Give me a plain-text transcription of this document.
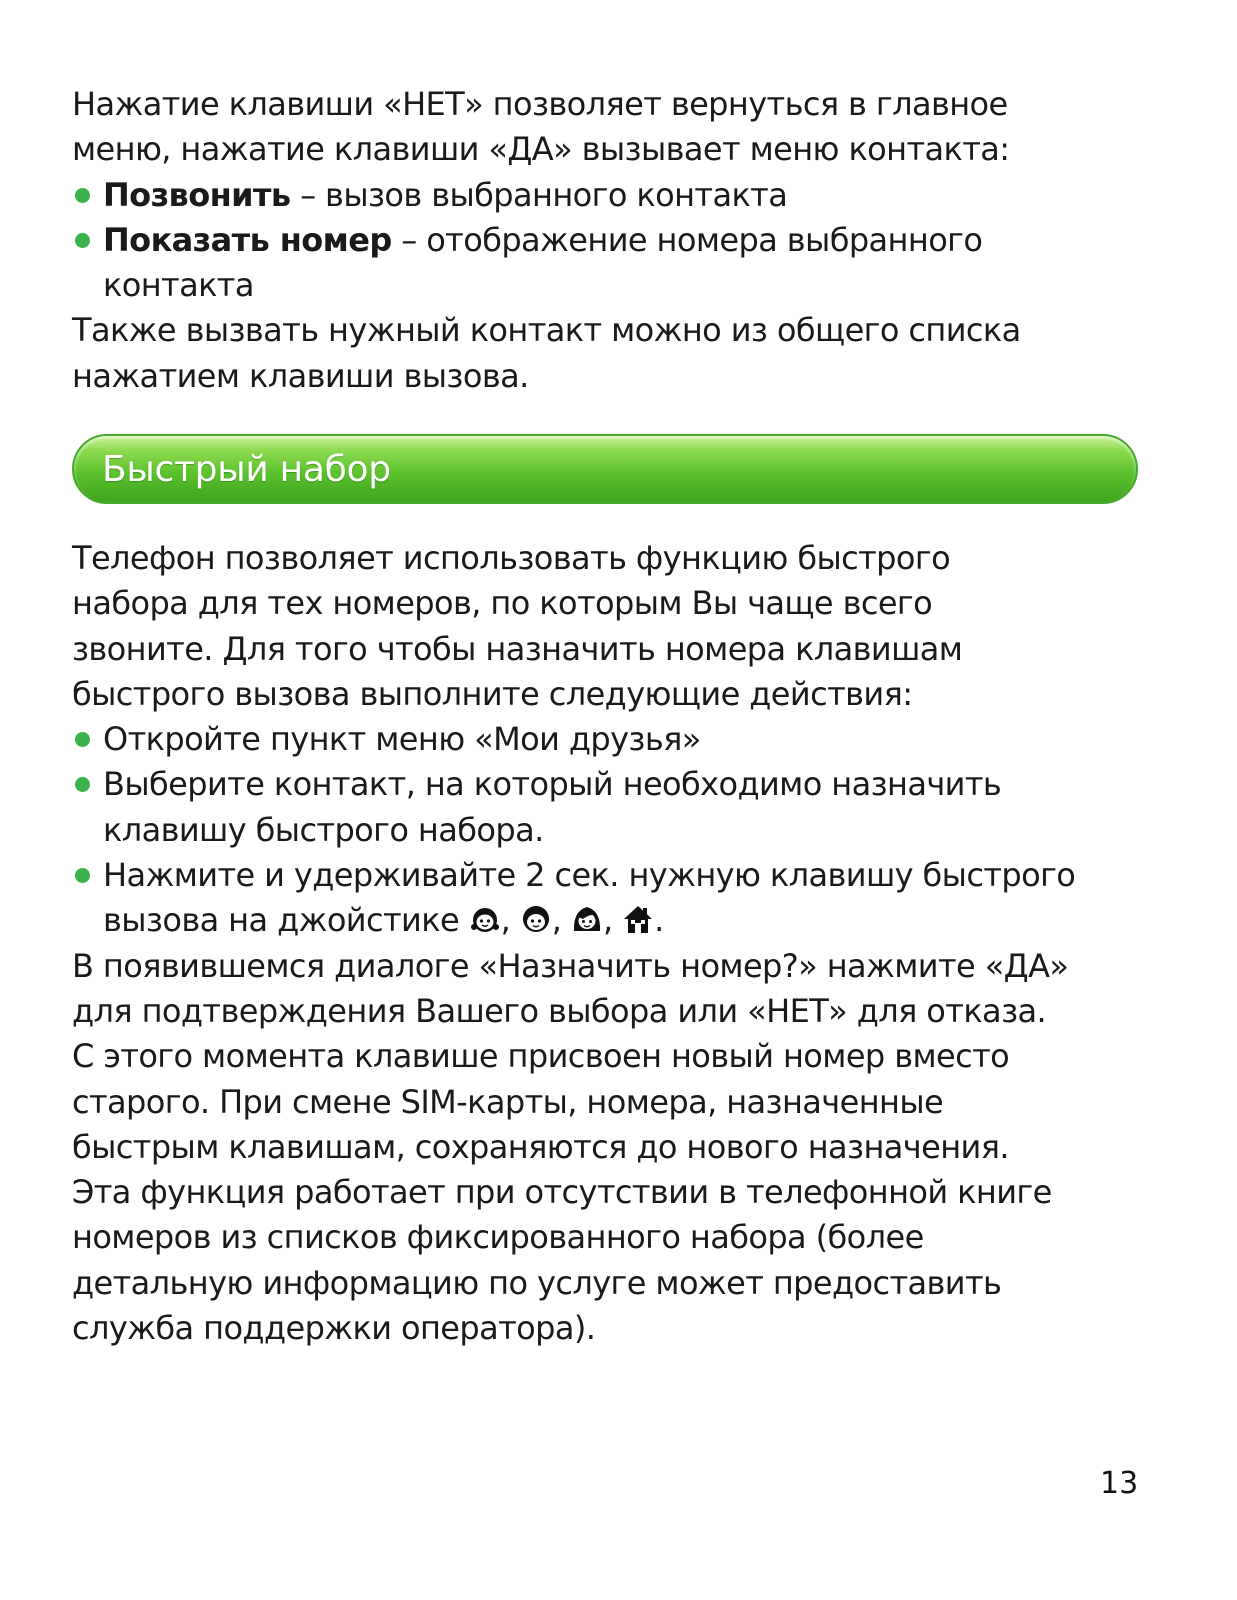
Нажатие клавиши «НЕТ» позволяет вернуться в главное
меню, нажатие клавиши «ДА» вызывает меню контакта:

Позвонить – вызов выбранного контакта
Показать номер – отображение номера выбранного
контакта

Также вызвать нужный контакт можно из общего списка
нажатием клавиши вызова.

Быстрый набор

Телефон позволяет использовать функцию быстрого
набора для тех номеров, по которым Вы чаще всего
звоните. Для того чтобы назначить номера клавишам
быстрого вызова выполните следующие действия:

Откройте пункт меню «Мои друзья»
Выберите контакт, на который необходимо назначить
клавишу быстрого набора.
Нажмите и удерживайте 2 сек. нужную клавишу быстрого
вызова на джойстике , , , .

В появившемся диалоге «Назначить номер?» нажмите «ДА»
для подтверждения Вашего выбора или «НЕТ» для отказа.
С этого момента клавише присвоен новый номер вместо
старого. При смене SIM-карты, номера, назначенные
быстрым клавишам, сохраняются до нового назначения.
Эта функция работает при отсутствии в телефонной книге
номеров из списков фиксированного набора (более
детальную информацию по услуге может предоставить
служба поддержки оператора).

13
